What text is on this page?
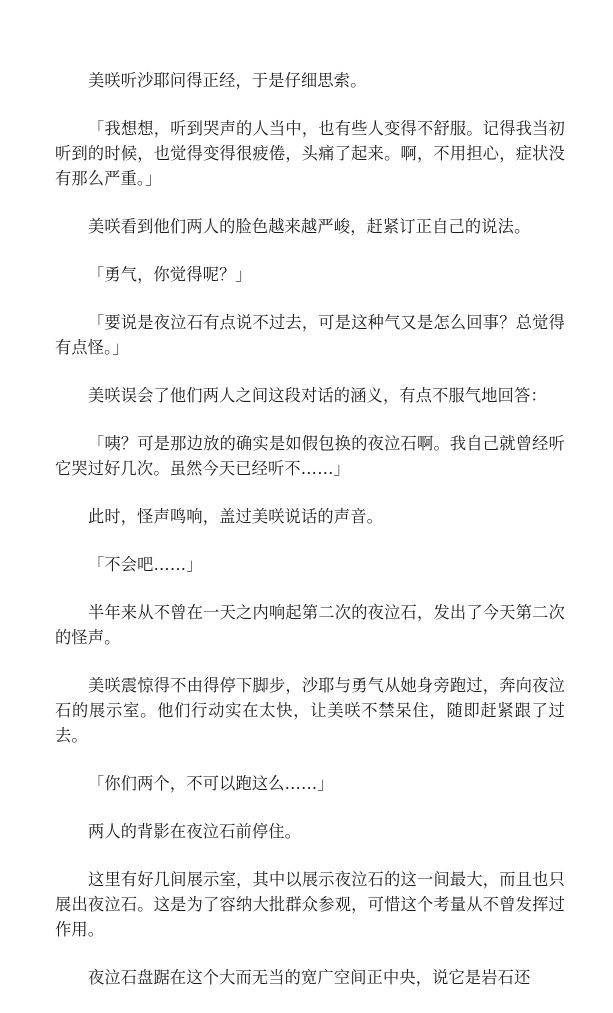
美咲听沙耶问得正经，于是仔细思索。

「我想想，听到哭声的人当中，也有些人变得不舒服。记得我当初听到的时候，也觉得变得很疲倦，头痛了起来。啊，不用担心，症状没有那么严重。」

美咲看到他们两人的脸色越来越严峻，赶紧订正自己的说法。

「勇气，你觉得呢？」

「要说是夜泣石有点说不过去，可是这种气又是怎么回事？总觉得有点怪。」

美咲误会了他们两人之间这段对话的涵义，有点不服气地回答：

「咦？可是那边放的确实是如假包换的夜泣石啊。我自己就曾经听它哭过好几次。虽然今天已经听不……」

此时，怪声鸣响，盖过美咲说话的声音。

「不会吧……」

半年来从不曾在一天之内响起第二次的夜泣石，发出了今天第二次的怪声。

美咲震惊得不由得停下脚步，沙耶与勇气从她身旁跑过，奔向夜泣石的展示室。他们行动实在太快，让美咲不禁呆住，随即赶紧跟了过去。

「你们两个，不可以跑这么……」

两人的背影在夜泣石前停住。

这里有好几间展示室，其中以展示夜泣石的这一间最大，而且也只展出夜泣石。这是为了容纳大批群众参观，可惜这个考量从不曾发挥过作用。

夜泣石盘踞在这个大而无当的宽广空间正中央，说它是岩石还
